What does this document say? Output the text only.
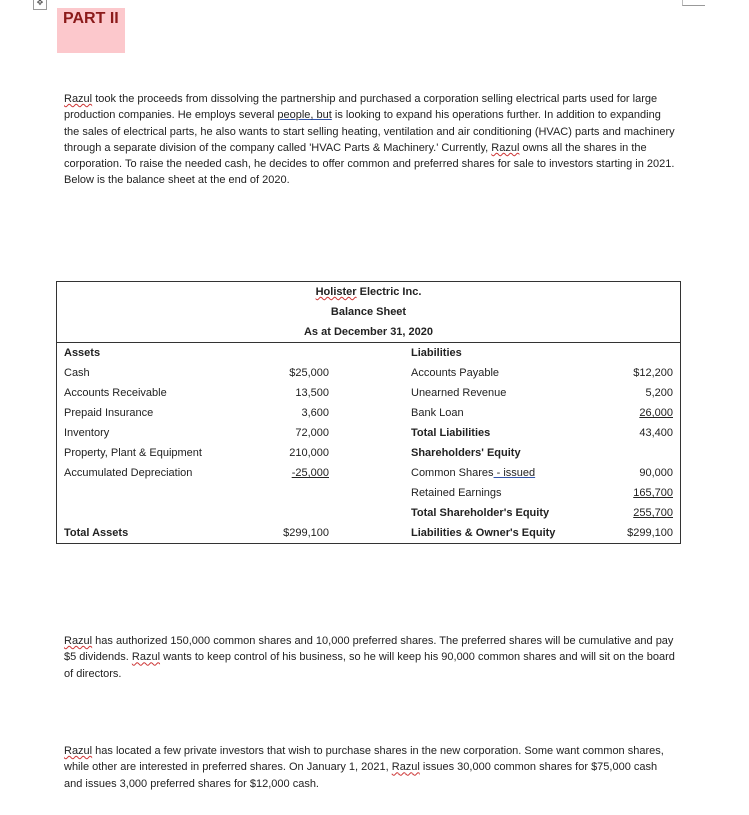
✥
PART II
Razul took the proceeds from dissolving the partnership and purchased a corporation selling electrical parts used for large production companies. He employs several people, but is looking to expand his operations further. In addition to expanding the sales of electrical parts, he also wants to start selling heating, ventilation and air conditioning (HVAC) parts and machinery through a separate division of the company called 'HVAC Parts & Machinery.' Currently, Razul owns all the shares in the corporation. To raise the needed cash, he decides to offer common and preferred shares for sale to investors starting in 2021. Below is the balance sheet at the end of 2020.
Holister Electric Inc.				
Balance Sheet				
As at December 31, 2020				
Assets			Liabilities	
Cash	$25,000		Accounts Payable	$12,200
Accounts Receivable	13,500		Unearned Revenue	5,200
Prepaid Insurance	3,600		Bank Loan	26,000
Inventory	72,000		Total Liabilities	43,400
Property, Plant & Equipment	210,000		Shareholders' Equity	
Accumulated Depreciation	-25,000		Common Shares - issued	90,000
			Retained Earnings	165,700
			Total Shareholder's Equity	255,700
Total Assets	$299,100		Liabilities & Owner's Equity	$299,100
Razul has authorized 150,000 common shares and 10,000 preferred shares. The preferred shares will be cumulative and pay $5 dividends. Razul wants to keep control of his business, so he will keep his 90,000 common shares and will sit on the board of directors.
Razul has located a few private investors that wish to purchase shares in the new corporation. Some want common shares, while other are interested in preferred shares. On January 1, 2021, Razul issues 30,000 common shares for $75,000 cash and issues 3,000 preferred shares for $12,000 cash.
